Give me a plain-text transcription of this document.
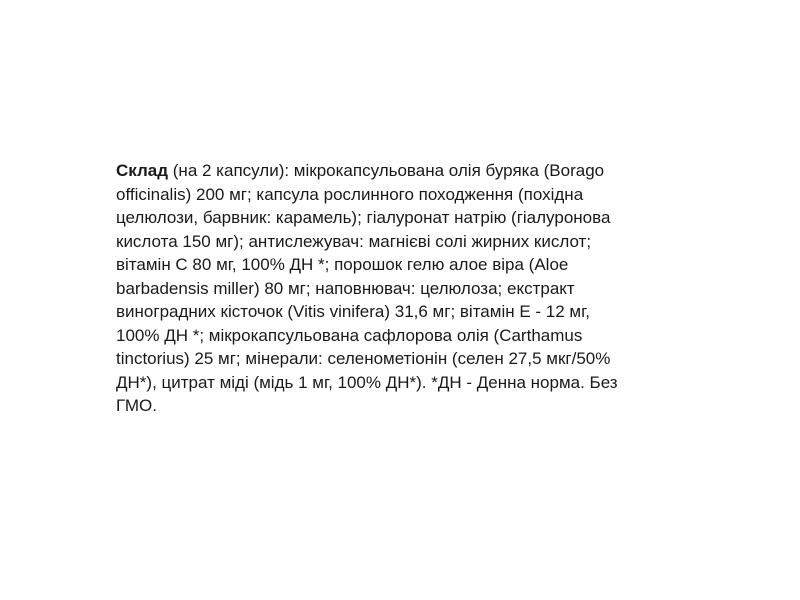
Склад (на 2 капсули): мікрокапсульована олія буряка (Borago
officinalis) 200 мг; капсула рослинного походження (похідна
целюлози, барвник: карамель); гіалуронат натрію (гіалуронова
кислота 150 мг); антислежувач: магнієві солі жирних кислот;
вітамін С 80 мг, 100% ДН *; порошок гелю алое віра (Aloe
barbadensis miller) 80 мг; наповнювач: целюлоза; екстракт
виноградних кісточок (Vitis vinifera) 31,6 мг; вітамін Е - 12 мг,
100% ДН *; мікрокапсульована сафлорова олія (Carthamus
tinctorius) 25 мг; мінерали: селенометіонін (селен 27,5 мкг/50%
ДН*), цитрат міді (мідь 1 мг, 100% ДН*). *ДН - Денна норма. Без
ГМО.
